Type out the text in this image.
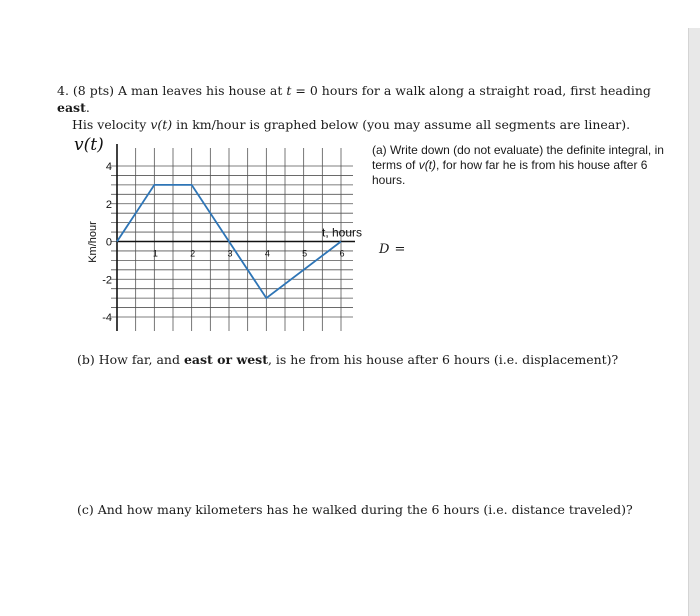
4. (8 pts) A man leaves his house at t = 0 hours for a walk along a straight road, first heading east.
His velocity v(t) in km/hour is graphed below (you may assume all segments are linear).
v(t)
4
2
0
-2
-4
1	2	3	4	5	6
t, hours
Km/hour
(a) Write down (do not evaluate) the definite integral, in terms of v(t), for how far he is from his house after 6 hours.
D =
(b) How far, and east or west, is he from his house after 6 hours (i.e. displacement)?
(c) And how many kilometers has he walked during the 6 hours (i.e. distance traveled)?
